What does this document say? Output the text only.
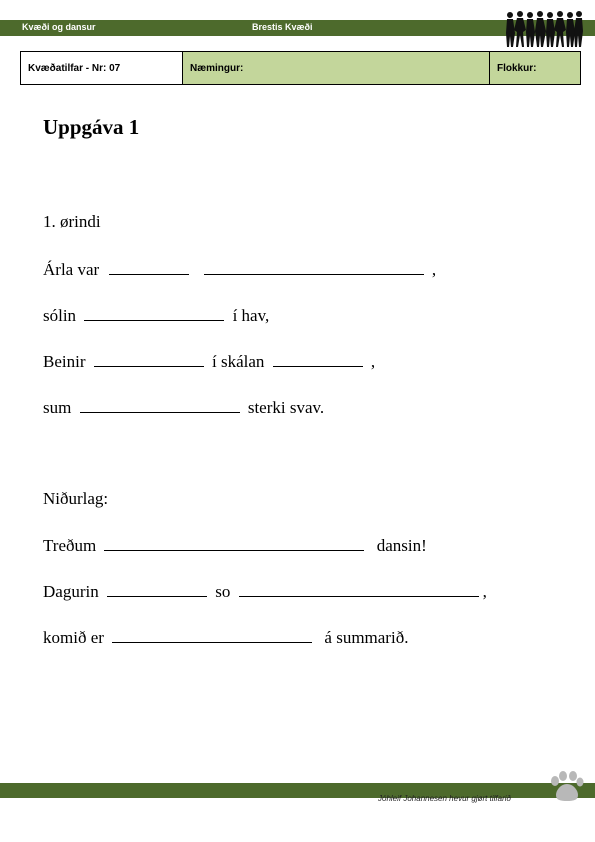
Kvæði og dansur	Brestis Kvæði
Kvæðatilfar - Nr: 07	Næmingur:	Flokkur:
Uppgáva 1
1. ørindi
Árla var	,
sólin	í hav,
Beinir	í skálan	,
sum	sterki svav.
Niðurlag:
Treðum	dansin!
Dagurin	so	,
komið er	á summarið.
Jóhleif Johannesen hevur gjørt tilfarið
